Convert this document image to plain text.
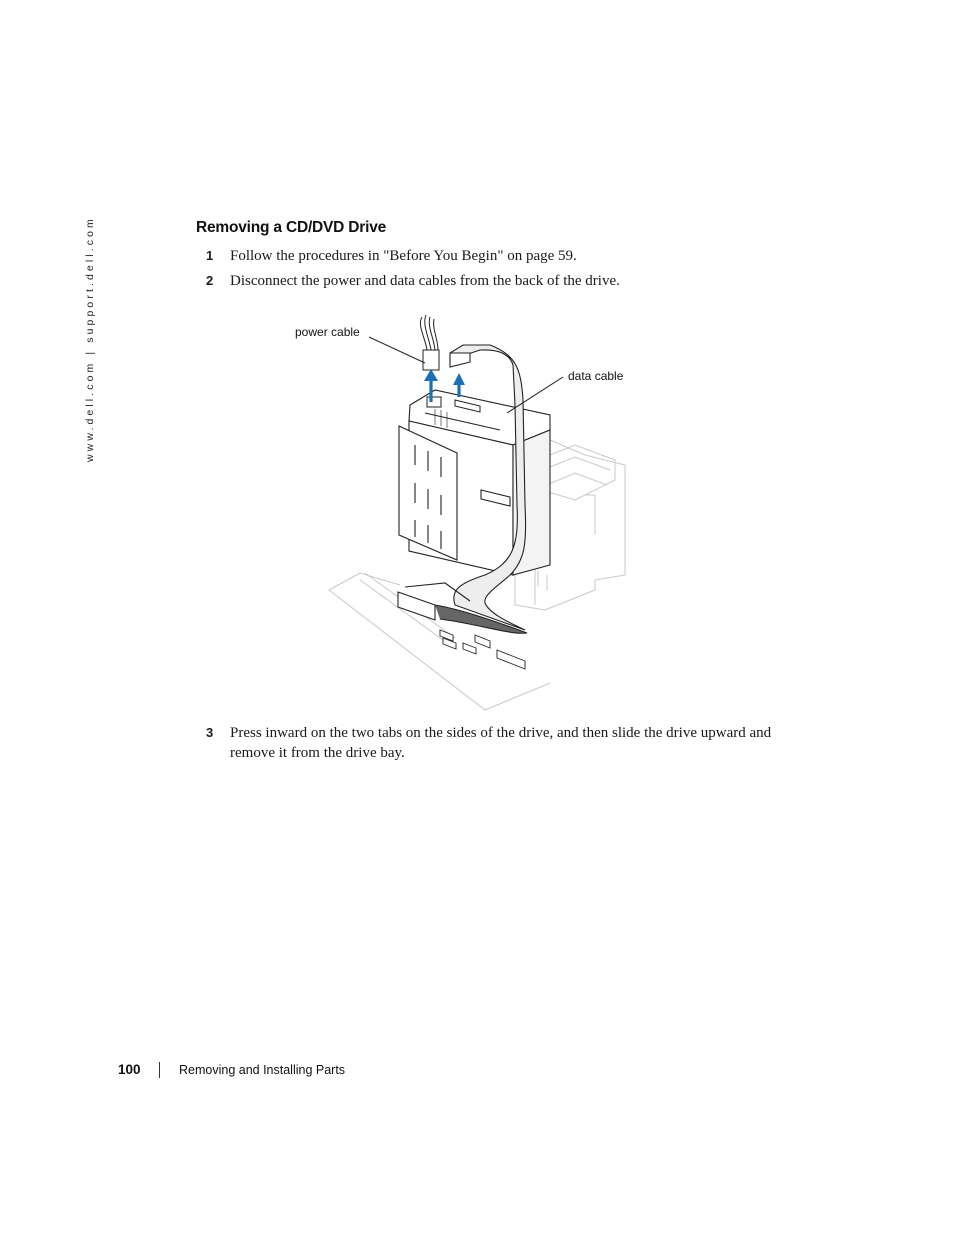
www.dell.com | support.dell.com	Removing a CD/DVD Drive
1 Follow the procedures in "Before You Begin" on page 59.
2 Disconnect the power and data cables from the back of the drive.
power cable
data cable
3 Press inward on the two tabs on the sides of the drive, and then slide the drive upward and remove it from the drive bay.
100	Removing and Installing Parts
